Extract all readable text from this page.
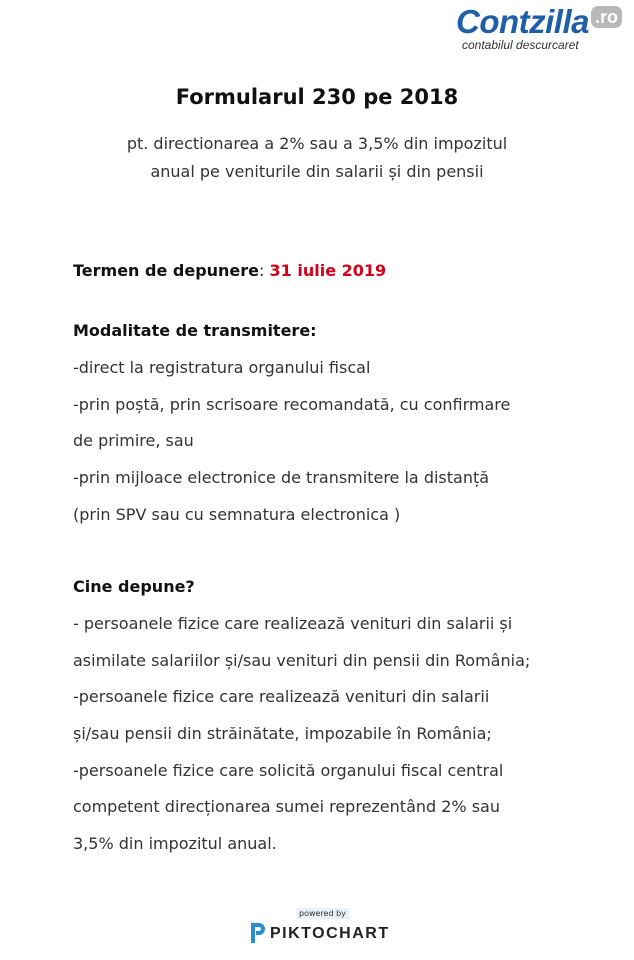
Contzilla .ro
contabilul descurcaret
Formularul 230 pe 2018
pt. directionarea a 2% sau a 3,5% din impozitul anual pe veniturile din salarii și din pensii
Termen de depunere: 31 iulie 2019
Modalitate de transmitere:
-direct la registratura organului fiscal
-prin poștă, prin scrisoare recomandată, cu confirmare
de primire, sau
-prin mijloace electronice de transmitere la distanță
(prin SPV sau cu semnatura electronica )
Cine depune?
- persoanele fizice care realizează venituri din salarii și
asimilate salariilor și/sau venituri din pensii din România;
-persoanele fizice care realizează venituri din salarii
și/sau pensii din străinătate, impozabile în România;
-persoanele fizice care solicită organului fiscal central
competent direcționarea sumei reprezentând 2% sau
3,5% din impozitul anual.
powered by
PIKTOCHART
